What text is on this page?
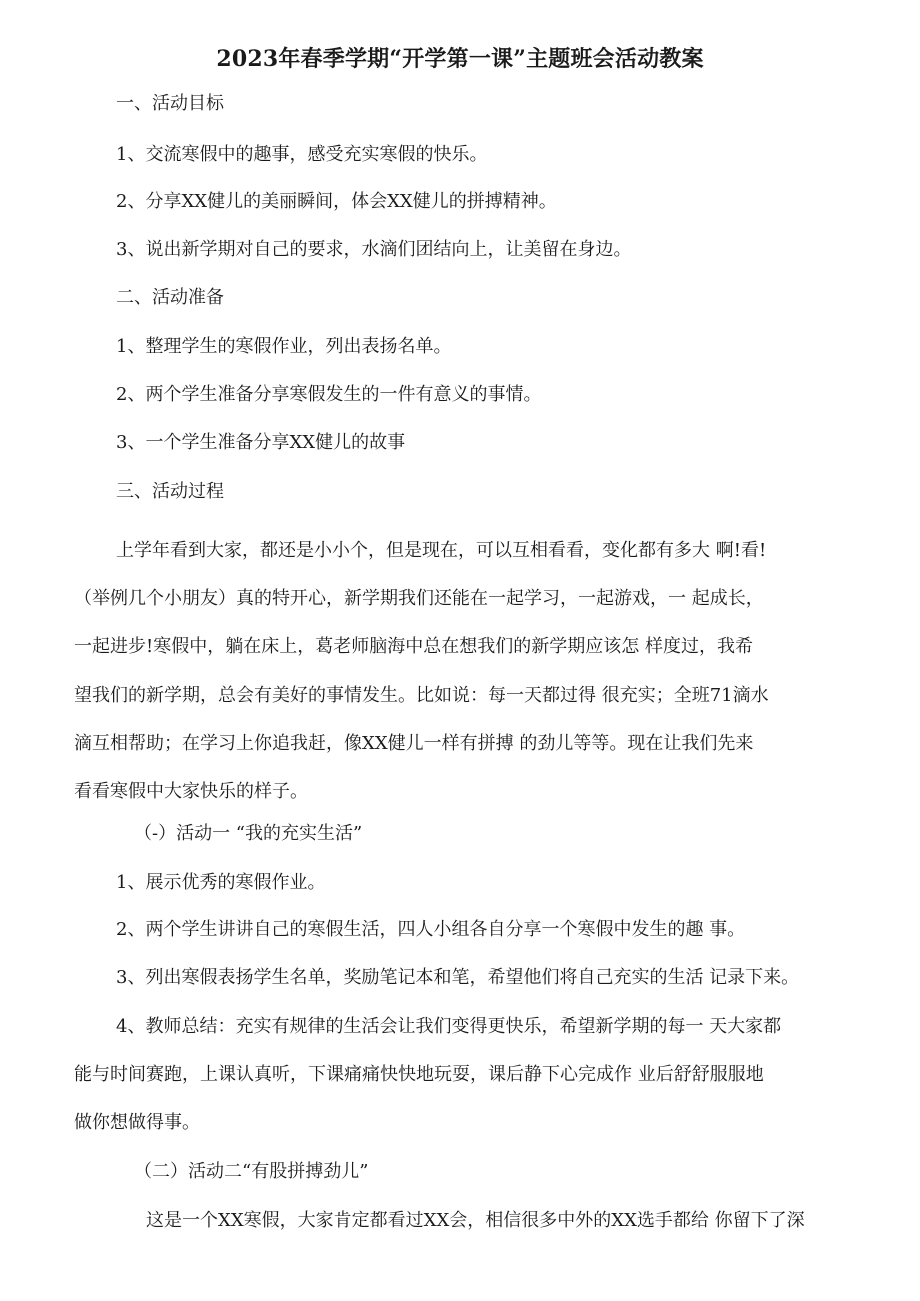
2023年春季学期“开学第一课”主题班会活动教案
一、活动目标
1、交流寒假中的趣事，感受充实寒假的快乐。
2、分享XX健儿的美丽瞬间，体会XX健儿的拼搏精神。
3、说出新学期对自己的要求，水滴们团结向上，让美留在身边。
二、活动准备
1、整理学生的寒假作业，列出表扬名单。
2、两个学生准备分享寒假发生的一件有意义的事情。
3、一个学生准备分享XX健儿的故事
三、活动过程
上学年看到大家，都还是小小个，但是现在，可以互相看看，变化都有多大 啊!看!
（举例几个小朋友）真的特开心，新学期我们还能在一起学习，一起游戏，一 起成长，
一起进步!寒假中，躺在床上，葛老师脑海中总在想我们的新学期应该怎 样度过，我希
望我们的新学期，总会有美好的事情发生。比如说：每一天都过得 很充实；全班71滴水
滴互相帮助；在学习上你追我赶，像XX健儿一样有拼搏 的劲儿等等。现在让我们先来
看看寒假中大家快乐的样子。
（-）活动一 “我的充实生活”
1、展示优秀的寒假作业。
2、两个学生讲讲自己的寒假生活，四人小组各自分享一个寒假中发生的趣 事。
3、列出寒假表扬学生名单，奖励笔记本和笔，希望他们将自己充实的生活 记录下来。
4、教师总结：充实有规律的生活会让我们变得更快乐，希望新学期的每一 天大家都
能与时间赛跑，上课认真听，下课痛痛快快地玩耍，课后静下心完成作 业后舒舒服服地
做你想做得事。
（二）活动二“有股拼搏劲儿”
这是一个XX寒假，大家肯定都看过XX会，相信很多中外的XX选手都给 你留下了深
